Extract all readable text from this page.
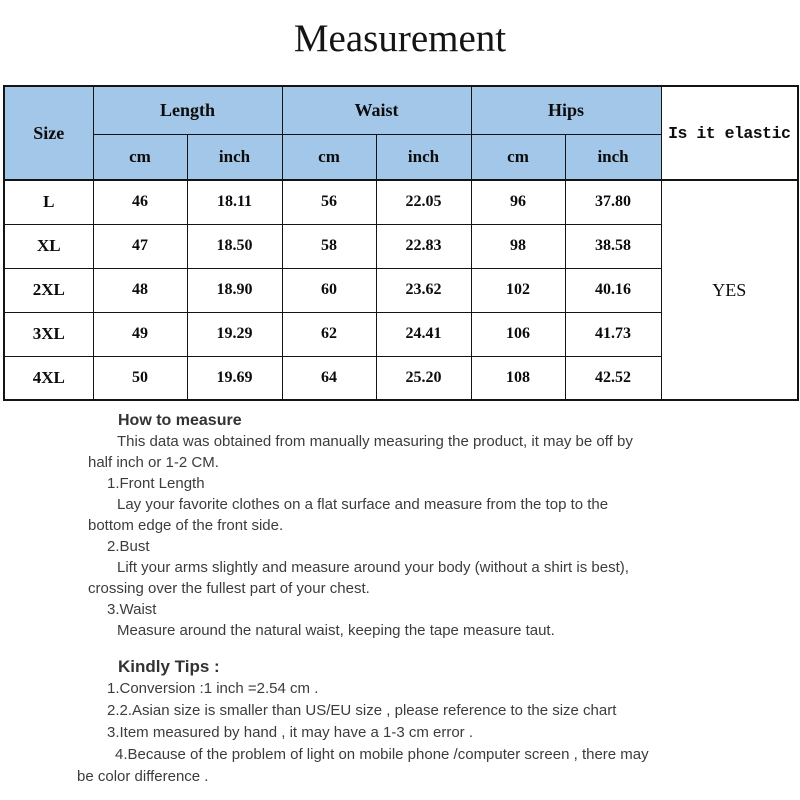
Measurement
Size	Length		Waist		Hips		Is it elastic
	cm	inch	cm	inch	cm	inch	
L	46	18.11	56	22.05	96	37.80	YES
XL	47	18.50	58	22.83	98	38.58	
2XL	48	18.90	60	23.62	102	40.16	
3XL	49	19.29	62	24.41	106	41.73	
4XL	50	19.69	64	25.20	108	42.52	
How to measure
This data was obtained from manually measuring the product, it may be off by
half inch or 1-2 CM.
1.Front Length
Lay your favorite clothes on a flat surface and measure from the top to the
bottom edge of the front side.
2.Bust
Lift your arms slightly and measure around your body (without a shirt is best),
crossing over the fullest part of your chest.
3.Waist
Measure around the natural waist, keeping the tape measure taut.
Kindly Tips :
1.Conversion :1 inch =2.54 cm .
2.2.Asian size is smaller than US/EU size , please reference to the size chart
3.Item measured by hand , it may have a 1-3 cm error .
4.Because of the problem of light on mobile phone /computer screen , there may
be color difference .
